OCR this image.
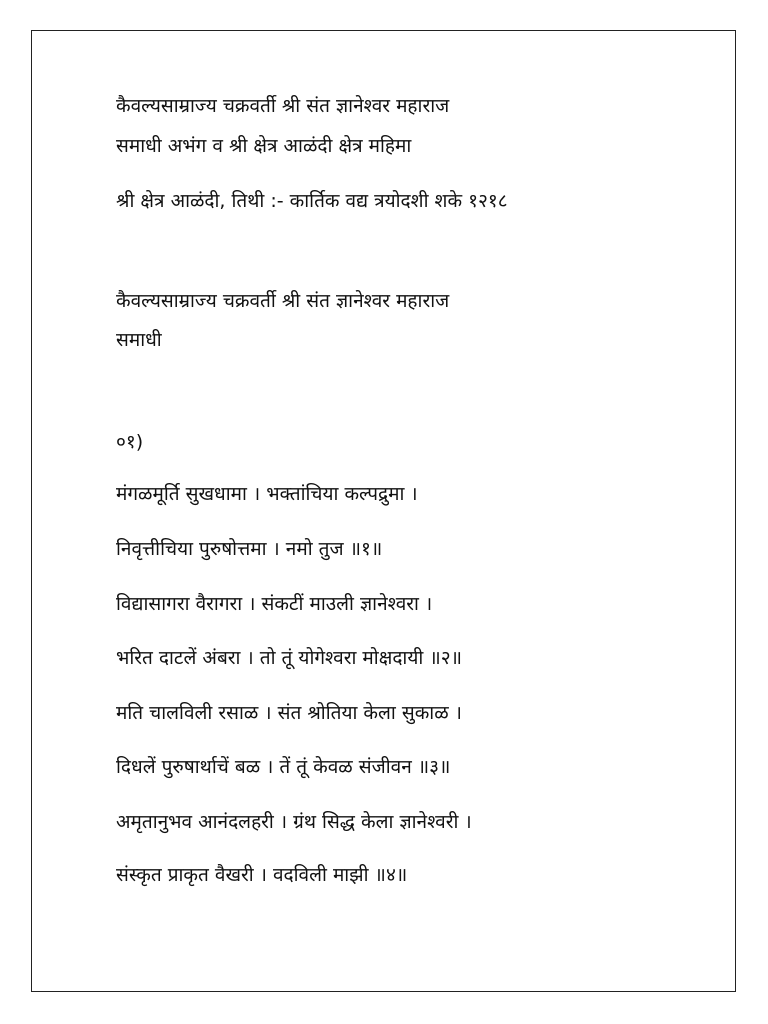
कैवल्यसाम्राज्य चक्रवर्ती श्री संत ज्ञानेश्वर महाराज
समाधी अभंग व श्री क्षेत्र आळंदी क्षेत्र महिमा
श्री क्षेत्र आळंदी, तिथी :- कार्तिक वद्य त्रयोदशी शके १२१८
कैवल्यसाम्राज्य चक्रवर्ती श्री संत ज्ञानेश्वर महाराज
समाधी
०१)
मंगळमूर्ति सुखधामा । भक्तांचिया कल्पद्रुमा ।
निवृत्तीचिया पुरुषोत्तमा । नमो तुज ॥१॥
विद्यासागरा वैरागरा । संकटीं माउली ज्ञानेश्वरा ।
भरित दाटलें अंबरा । तो तूं योगेश्वरा मोक्षदायी ॥२॥
मति चालविली रसाळ । संत श्रोतिया केला सुकाळ ।
दिधलें पुरुषार्थाचें बळ । तें तूं केवळ संजीवन ॥३॥
अमृतानुभव आनंदलहरी । ग्रंथ सिद्ध केला ज्ञानेश्वरी ।
संस्कृत प्राकृत वैखरी । वदविली माझी ॥४॥
